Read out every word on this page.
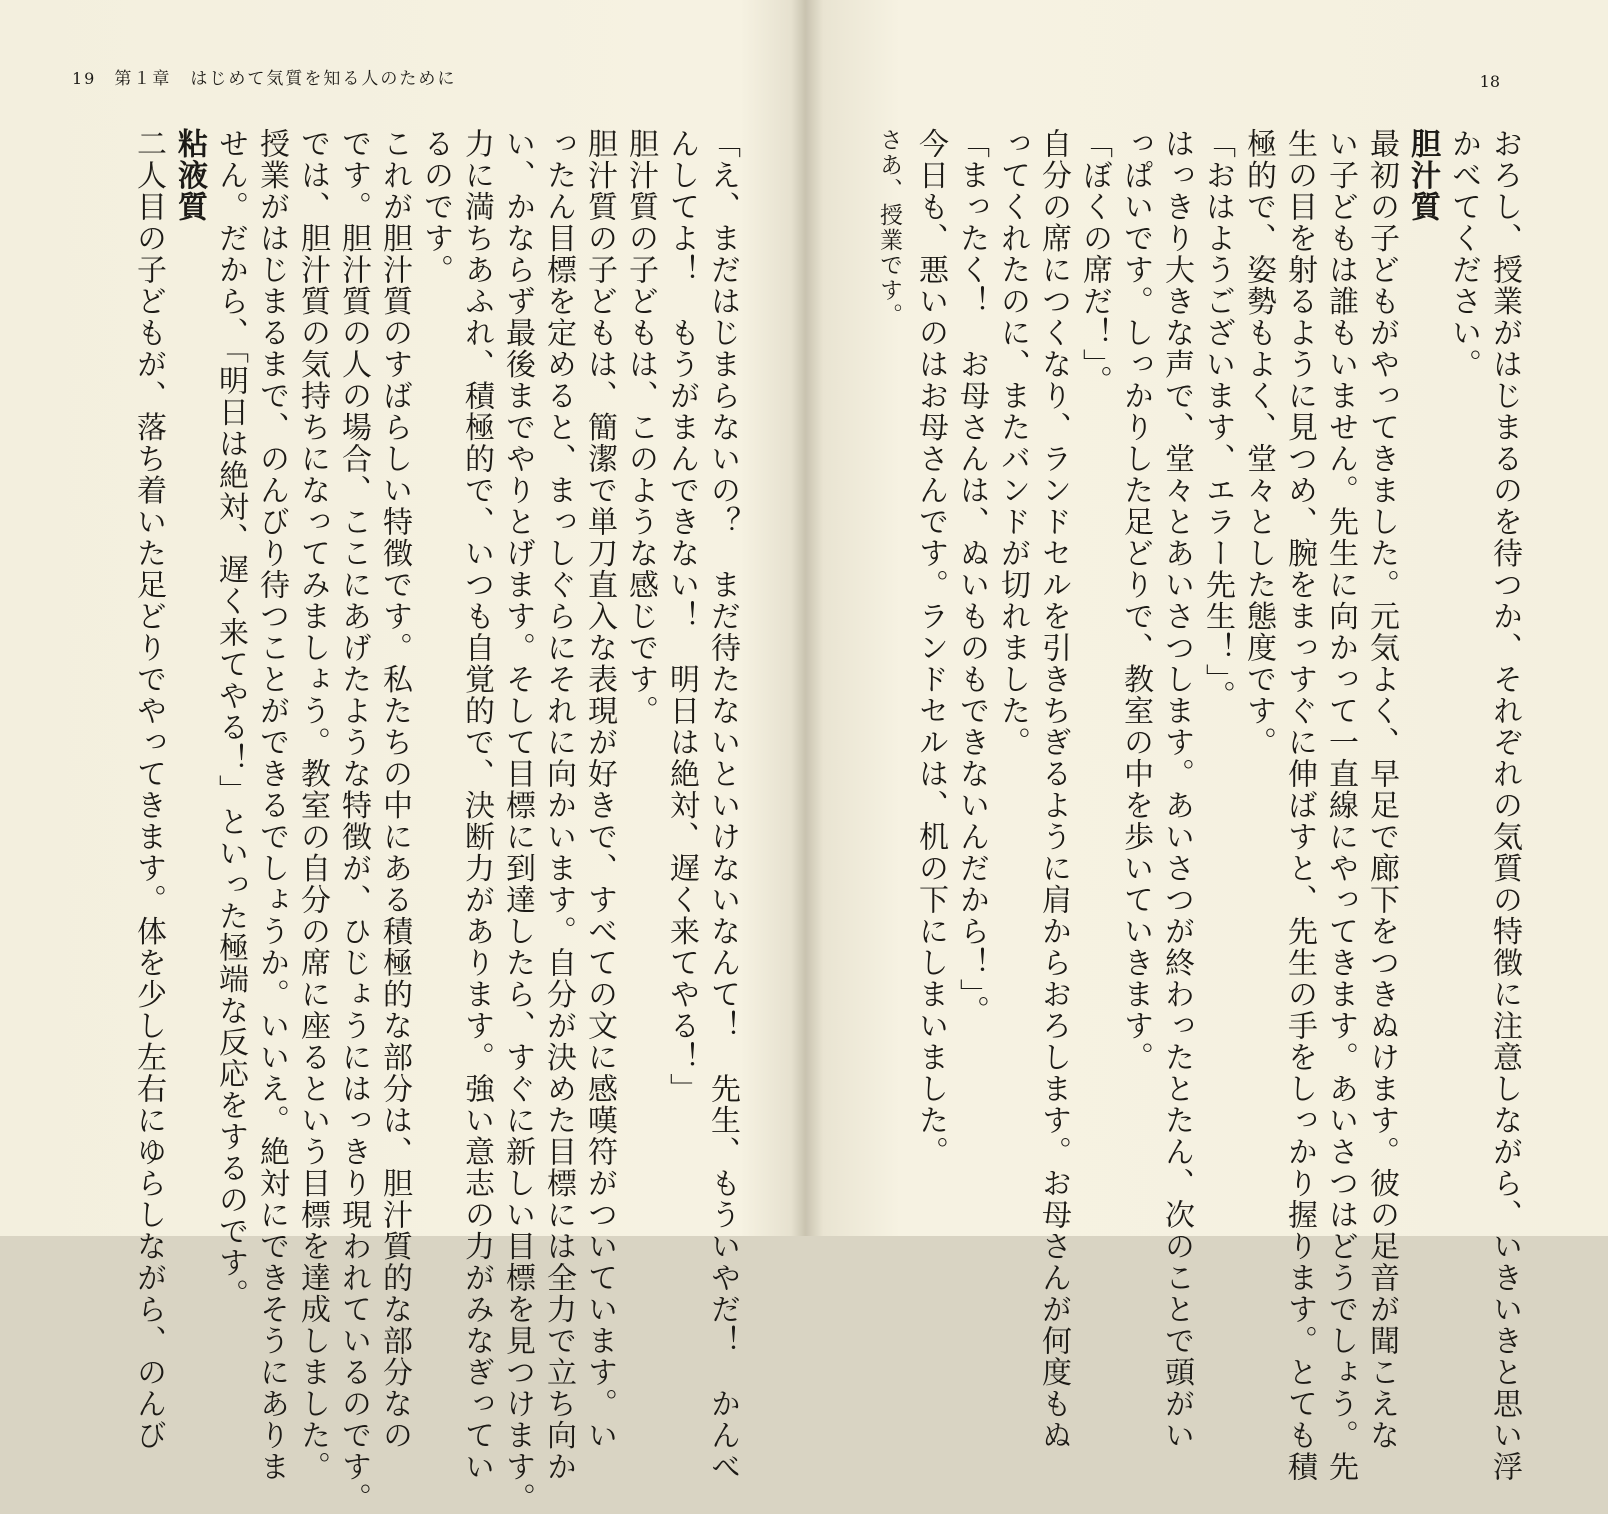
19 第１章　はじめて気質を知る人のために
「え、まだはじまらないの？　まだ待たないといけないなんて！　先生、もういやだ！　かんべ
んしてよ！　もうがまんできない！　明日は絶対、遅く来てやる！」
胆汁質の子どもは、このような感じです。
胆汁質の子どもは、簡潔で単刀直入な表現が好きで、すべての文に感嘆符がついています。い
ったん目標を定めると、まっしぐらにそれに向かいます。自分が決めた目標には全力で立ち向か
い、かならず最後までやりとげます。そして目標に到達したら、すぐに新しい目標を見つけます。
力に満ちあふれ、積極的で、いつも自覚的で、決断力があります。強い意志の力がみなぎってい
るのです。
これが胆汁質のすばらしい特徴です。私たちの中にある積極的な部分は、胆汁質的な部分なの
です。胆汁質の人の場合、ここにあげたような特徴が、ひじょうにはっきり現われているのです。
では、胆汁質の気持ちになってみましょう。教室の自分の席に座るという目標を達成しました。
授業がはじまるまで、のんびり待つことができるでしょうか。いいえ。絶対にできそうにありま
せん。だから、「明日は絶対、遅く来てやる！」といった極端な反応をするのです。
粘液質
二人目の子どもが、落ち着いた足どりでやってきます。体を少し左右にゆらしながら、のんび
18
おろし、授業がはじまるのを待つか、それぞれの気質の特徴に注意しながら、いきいきと思い浮
かべてください。
胆汁質
最初の子どもがやってきました。元気よく、早足で廊下をつきぬけます。彼の足音が聞こえな
い子どもは誰もいません。先生に向かって一直線にやってきます。あいさつはどうでしょう。先
生の目を射るように見つめ、腕をまっすぐに伸ばすと、先生の手をしっかり握ります。とても積
極的で、姿勢もよく、堂々とした態度です。
「おはようございます、エラー先生！」。
はっきり大きな声で、堂々とあいさつします。あいさつが終わったとたん、次のことで頭がい
っぱいです。しっかりした足どりで、教室の中を歩いていきます。
「ぼくの席だ！」。
自分の席につくなり、ランドセルを引きちぎるように肩からおろします。お母さんが何度もぬ
ってくれたのに、またバンドが切れました。
「まったく！　お母さんは、ぬいものもできないんだから！」。
今日も、悪いのはお母さんです。ランドセルは、机の下にしまいました。
さあ、授業です。
